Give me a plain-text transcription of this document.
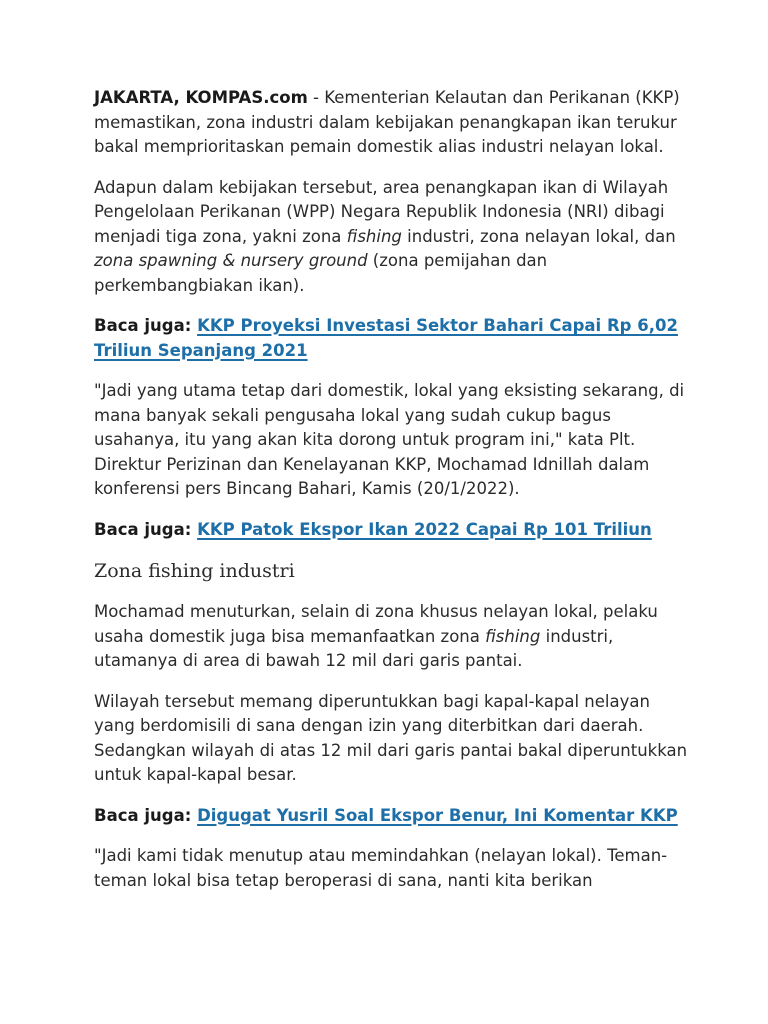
JAKARTA, KOMPAS.com - Kementerian Kelautan dan Perikanan (KKP) memastikan, zona industri dalam kebijakan penangkapan ikan terukur bakal memprioritaskan pemain domestik alias industri nelayan lokal.

Adapun dalam kebijakan tersebut, area penangkapan ikan di Wilayah Pengelolaan Perikanan (WPP) Negara Republik Indonesia (NRI) dibagi menjadi tiga zona, yakni zona fishing industri, zona nelayan lokal, dan zona spawning & nursery ground (zona pemijahan dan perkembangbiakan ikan).

Baca juga: KKP Proyeksi Investasi Sektor Bahari Capai Rp 6,02 Triliun Sepanjang 2021

"Jadi yang utama tetap dari domestik, lokal yang eksisting sekarang, di mana banyak sekali pengusaha lokal yang sudah cukup bagus usahanya, itu yang akan kita dorong untuk program ini," kata Plt. Direktur Perizinan dan Kenelayanan KKP, Mochamad Idnillah dalam konferensi pers Bincang Bahari, Kamis (20/1/2022).

Baca juga: KKP Patok Ekspor Ikan 2022 Capai Rp 101 Triliun

Zona fishing industri

Mochamad menuturkan, selain di zona khusus nelayan lokal, pelaku usaha domestik juga bisa memanfaatkan zona fishing industri, utamanya di area di bawah 12 mil dari garis pantai.

Wilayah tersebut memang diperuntukkan bagi kapal-kapal nelayan yang berdomisili di sana dengan izin yang diterbitkan dari daerah. Sedangkan wilayah di atas 12 mil dari garis pantai bakal diperuntukkan untuk kapal-kapal besar.

Baca juga: Digugat Yusril Soal Ekspor Benur, Ini Komentar KKP

"Jadi kami tidak menutup atau memindahkan (nelayan lokal). Teman-teman lokal bisa tetap beroperasi di sana, nanti kita berikan
